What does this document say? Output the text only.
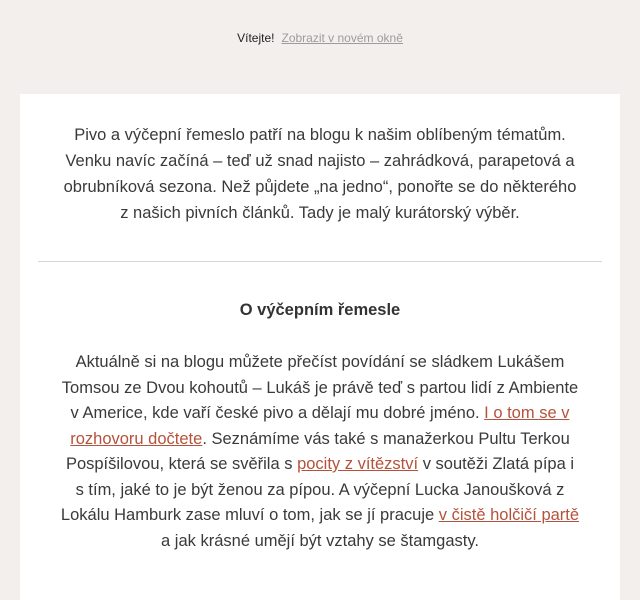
Vítejte! Zobrazit v novém okně

Pivo a výčepní řemeslo patří na blogu k našim oblíbeným tématům. Venku navíc začíná – teď už snad najisto – zahrádková, parapetová a obrubníková sezona. Než půjdete „na jedno“, ponořte se do některého z našich pivních článků. Tady je malý kurátorský výběr.

O výčepním řemesle

Aktuálně si na blogu můžete přečíst povídání se sládkem Lukášem Tomsou ze Dvou kohoutů – Lukáš je právě teď s partou lidí z Ambiente v Americe, kde vaří české pivo a dělají mu dobré jméno. I o tom se v rozhovoru dočtete. Seznámíme vás také s manažerkou Pultu Terkou Pospíšilovou, která se svěřila s pocity z vítězství v soutěži Zlatá pípa i s tím, jaké to je být ženou za pípou. A výčepní Lucka Janoušková z Lokálu Hamburk zase mluví o tom, jak se jí pracuje v čistě holčičí partě a jak krásné umějí být vztahy se štamgasty.
